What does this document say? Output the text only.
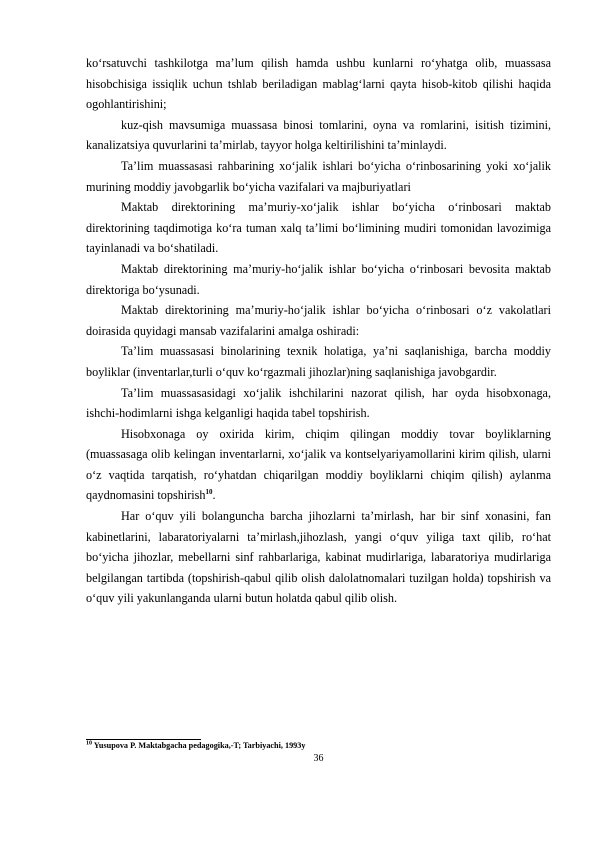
ko‘rsatuvchi tashkilotga ma’lum qilish hamda ushbu kunlarni ro‘yhatga olib, muassasa hisobchisiga issiqlik uchun tshlab beriladigan mablag‘larni qayta hisob-kitob qilishi haqida ogohlantirishini;

kuz-qish mavsumiga muassasa binosi tomlarini, oyna va romlarini, isitish tizimini, kanalizatsiya quvurlarini ta’mirlab, tayyor holga keltirilishini ta’minlaydi.

Ta’lim muassasasi rahbarining xo‘jalik ishlari bo‘yicha o‘rinbosarining yoki xo‘jalik murining moddiy javobgarlik bo‘yicha vazifalari va majburiyatlari

Maktab direktorining ma’muriy-xo‘jalik ishlar bo‘yicha o‘rinbosari maktab direktorining taqdimotiga ko‘ra tuman xalq ta’limi bo‘limining mudiri tomonidan lavozimiga tayinlanadi va bo‘shatiladi.

Maktab direktorining ma’muriy-ho‘jalik ishlar bo‘yicha o‘rinbosari bevosita maktab direktoriga bo‘ysunadi.

Maktab direktorining ma’muriy-ho‘jalik ishlar bo‘yicha o‘rinbosari o‘z vakolatlari doirasida quyidagi mansab vazifalarini amalga oshiradi:

Ta’lim muassasasi binolarining texnik holatiga, ya’ni saqlanishiga, barcha moddiy boyliklar (inventarlar,turli o‘quv ko‘rgazmali jihozlar)ning saqlanishiga javobgardir.

Ta’lim muassasasidagi xo‘jalik ishchilarini nazorat qilish, har oyda hisobxonaga, ishchi-hodimlarni ishga kelganligi haqida tabel topshirish.

Hisobxonaga oy oxirida kirim, chiqim qilingan moddiy tovar boyliklarning (muassasaga olib kelingan inventarlarni, xo‘jalik va kontselyariyamollarini kirim qilish, ularni o‘z vaqtida tarqatish, ro‘yhatdan chiqarilgan moddiy boyliklarni chiqim qilish) aylanma qaydnomasini topshirish$^{10}$.

Har o‘quv yili bolanguncha barcha jihozlarni ta’mirlash, har bir sinf xonasini, fan kabinetlarini, labaratoriyalarni ta’mirlash,jihozlash, yangi o‘quv yiliga taxt qilib, ro‘hat bo‘yicha jihozlar, mebellarni sinf rahbarlariga, kabinat mudirlariga, labaratoriya mudirlariga belgilangan tartibda (topshirish-qabul qilib olish dalolatnomalari tuzilgan holda) topshirish va o‘quv yili yakunlanganda ularni butun holatda qabul qilib olish.

$^{10}$ Yusupova P. Maktabgacha pedagogika,-T; Tarbiyachi, 1993y
36
